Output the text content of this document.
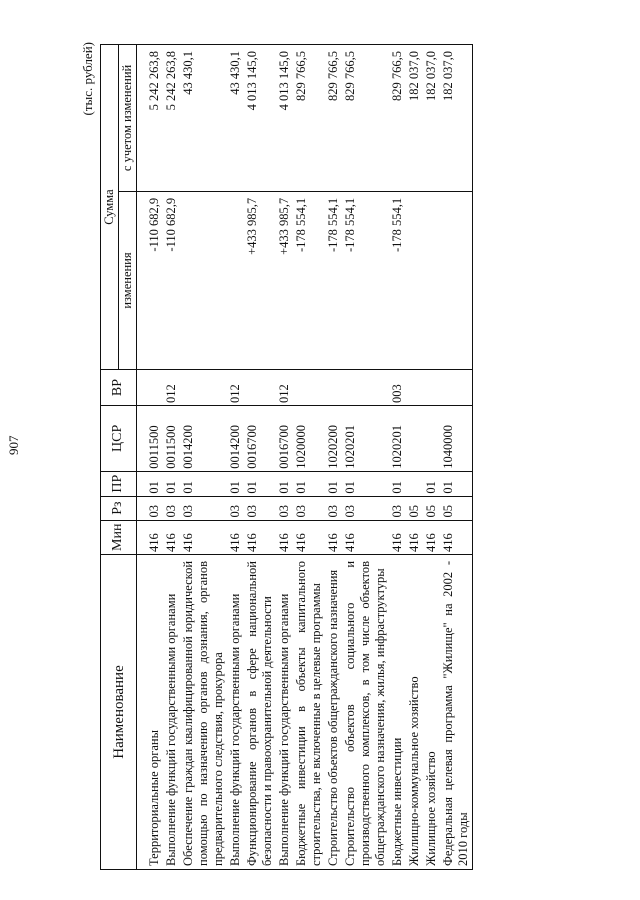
907
(тыс. рублей)
Наименование	Мин	Рз	ПР	ЦСР	ВР	Сумма	
						изменения	с учетом изменений
Территориальные органы	416	03	01	0011500		-110 682,9	5 242 263,8
Выполнение функций государственными органами	416	03	01	0011500	012	-110 682,9	5 242 263,8
Обеспечение граждан квалифицированной юридической помощью по назначению органов дознания, органов предварительного следствия, прокурора	416	03	01	0014200			43 430,1
Выполнение функций государственными органами	416	03	01	0014200	012		43 430,1
Функционирование органов в сфере национальной безопасности и правоохранительной деятельности	416	03	01	0016700		+433 985,7	4 013 145,0
Выполнение функций государственными органами	416	03	01	0016700	012	+433 985,7	4 013 145,0
Бюджетные инвестиции в объекты капитального строительства, не включенные в целевые программы	416	03	01	1020000		-178 554,1	829 766,5
Строительство объектов общегражданского назначения	416	03	01	1020200		-178 554,1	829 766,5
Строительство объектов социального и производственного комплексов, в том числе объектов общегражданского назначения, жилья, инфраструктуры	416	03	01	1020201		-178 554,1	829 766,5
Бюджетные инвестиции	416	03	01	1020201	003	-178 554,1	829 766,5
Жилищно-коммунальное хозяйство	416	05					182 037,0
Жилищное хозяйство	416	05	01				182 037,0
Федеральная целевая программа "Жилище" на 2002 - 2010 годы	416	05	01	1040000			182 037,0
